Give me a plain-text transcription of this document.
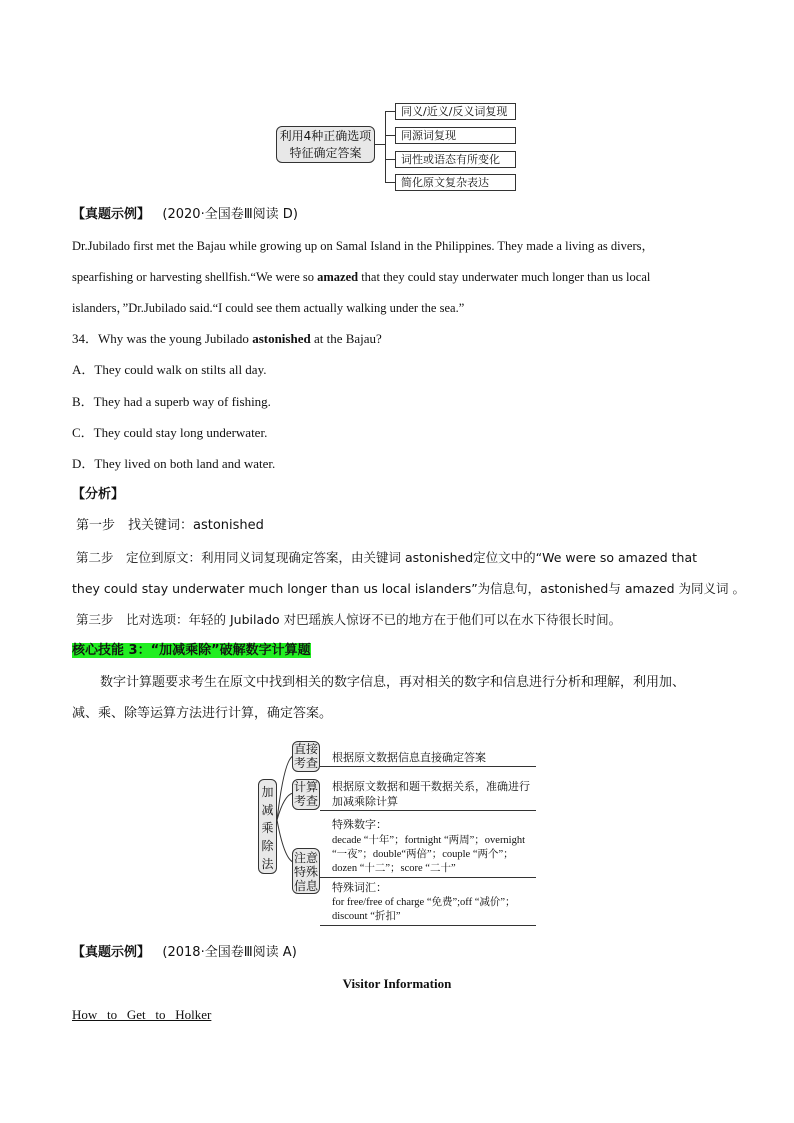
利用4种正确选项特征确定答案
同义/近义/反义词复现
同源词复现
词性或语态有所变化
简化原文复杂表达
【真题示例】 (2020·全国卷Ⅲ阅读 D)
Dr.Jubilado first met the Bajau while growing up on Samal Island in the Philippines. They made a living as divers，
spearfishing or harvesting shellfish.“We were so amazed that they could stay underwater much longer than us local
islanders，”Dr.Jubilado said.“I could see them actually walking under the sea.”
34．Why was the young Jubilado astonished at the Bajau?
A．They could walk on stilts all day.
B．They had a superb way of fishing.
C．They could stay long underwater.
D．They lived on both land and water.
【分析】
第一步　找关键词：astonished
第二步　定位到原文：利用同义词复现确定答案，由关键词 astonished定位文中的“We were so amazed that
they could stay underwater much longer than us local islanders”为信息句，astonished与 amazed 为同义词 。
第三步　比对选项：年轻的 Jubilado 对巴瑶族人惊讶不已的地方在于他们可以在水下待很长时间。
核心技能 3：“加减乘除”破解数字计算题
数字计算题要求考生在原文中找到相关的数字信息，再对相关的数字和信息进行分析和理解，利用加、
减、乘、除等运算方法进行计算，确定答案。
加减乘除法
直接考查 根据原文数据信息直接确定答案
计算考查
根据原文数据和题干数据关系，准确进行
加减乘除计算
注意特殊信息
特殊数字：
decade “十年”；fortnight “两周”；overnight
“一夜”；double“两倍”；couple “两个”；
dozen “十二”；score “二十”
特殊词汇：
for free/free of charge “免费”;off “减价”；
discount “折扣”
【真题示例】 (2018·全国卷Ⅲ阅读 A)
Visitor Information
How   to   Get   to   Holker
